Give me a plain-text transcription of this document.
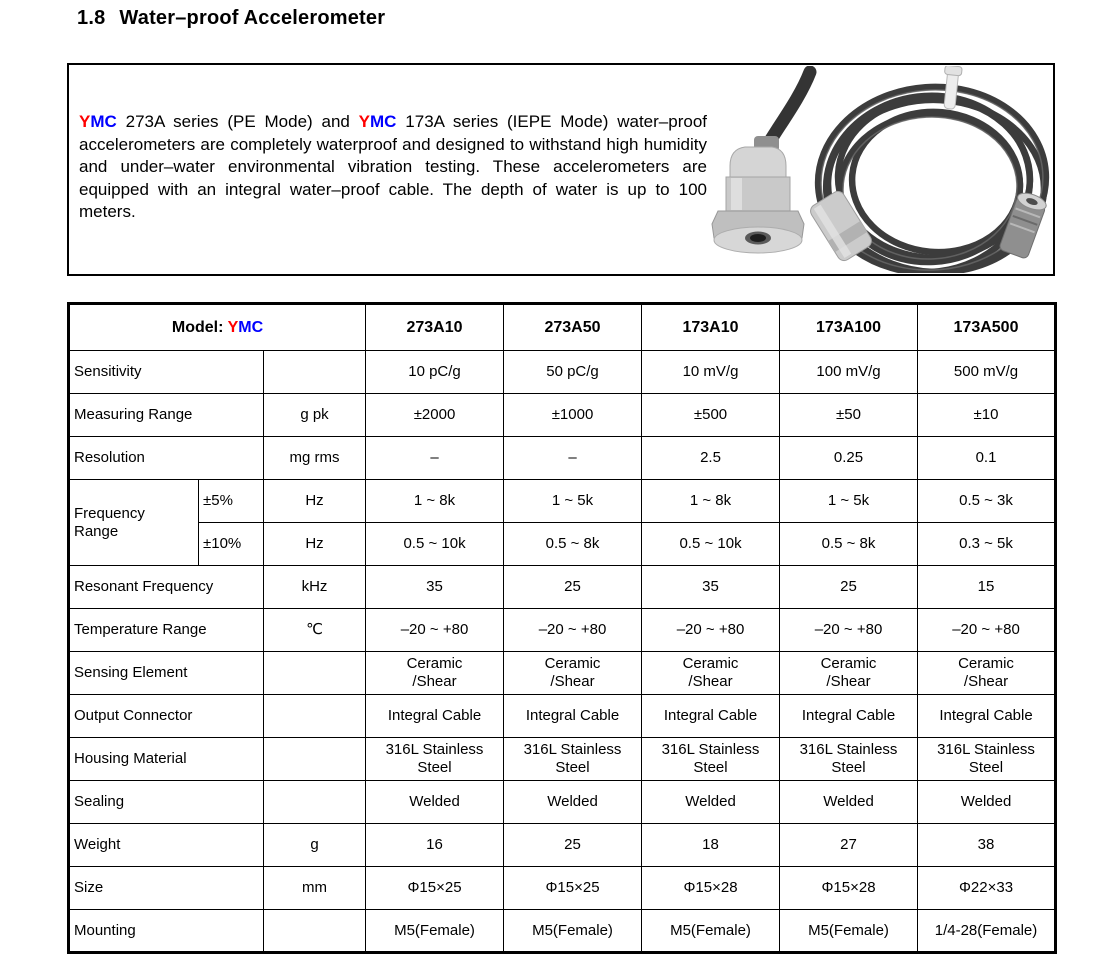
1.8 Water–proof Accelerometer
YMC 273A series (PE Mode) and YMC 173A series (IEPE Mode) water–proof accelerometers are completely waterproof and designed to withstand high humidity and under–water environmental vibration testing. These accelerometers are equipped with an integral water–proof cable. The depth of water is up to 100 meters.
Model: YMC			273A10	273A50	173A10	173A100	173A500
Sensitivity			10 pC/g	50 pC/g	10 mV/g	100 mV/g	500 mV/g
Measuring Range		g pk	±2000	±1000	±500	±50	±10
Resolution		mg rms	–	–	2.5	0.25	0.1
Frequency
Range	±5%	Hz	1 ~ 8k	1 ~ 5k	1 ~ 8k	1 ~ 5k	0.5 ~ 3k
	±10%	Hz	0.5 ~ 10k	0.5 ~ 8k	0.5 ~ 10k	0.5 ~ 8k	0.3 ~ 5k
Resonant Frequency		kHz	35	25	35	25	15
Temperature Range		℃	–20 ~ +80	–20 ~ +80	–20 ~ +80	–20 ~ +80	–20 ~ +80
Sensing Element			Ceramic
/Shear	Ceramic
/Shear	Ceramic
/Shear	Ceramic
/Shear	Ceramic
/Shear
Output Connector			Integral Cable	Integral Cable	Integral Cable	Integral Cable	Integral Cable
Housing Material			316L Stainless
Steel	316L Stainless
Steel	316L Stainless
Steel	316L Stainless
Steel	316L Stainless
Steel
Sealing			Welded	Welded	Welded	Welded	Welded
Weight		g	16	25	18	27	38
Size		mm	Φ15×25	Φ15×25	Φ15×28	Φ15×28	Φ22×33
Mounting			M5(Female)	M5(Female)	M5(Female)	M5(Female)	1/4-28(Female)
